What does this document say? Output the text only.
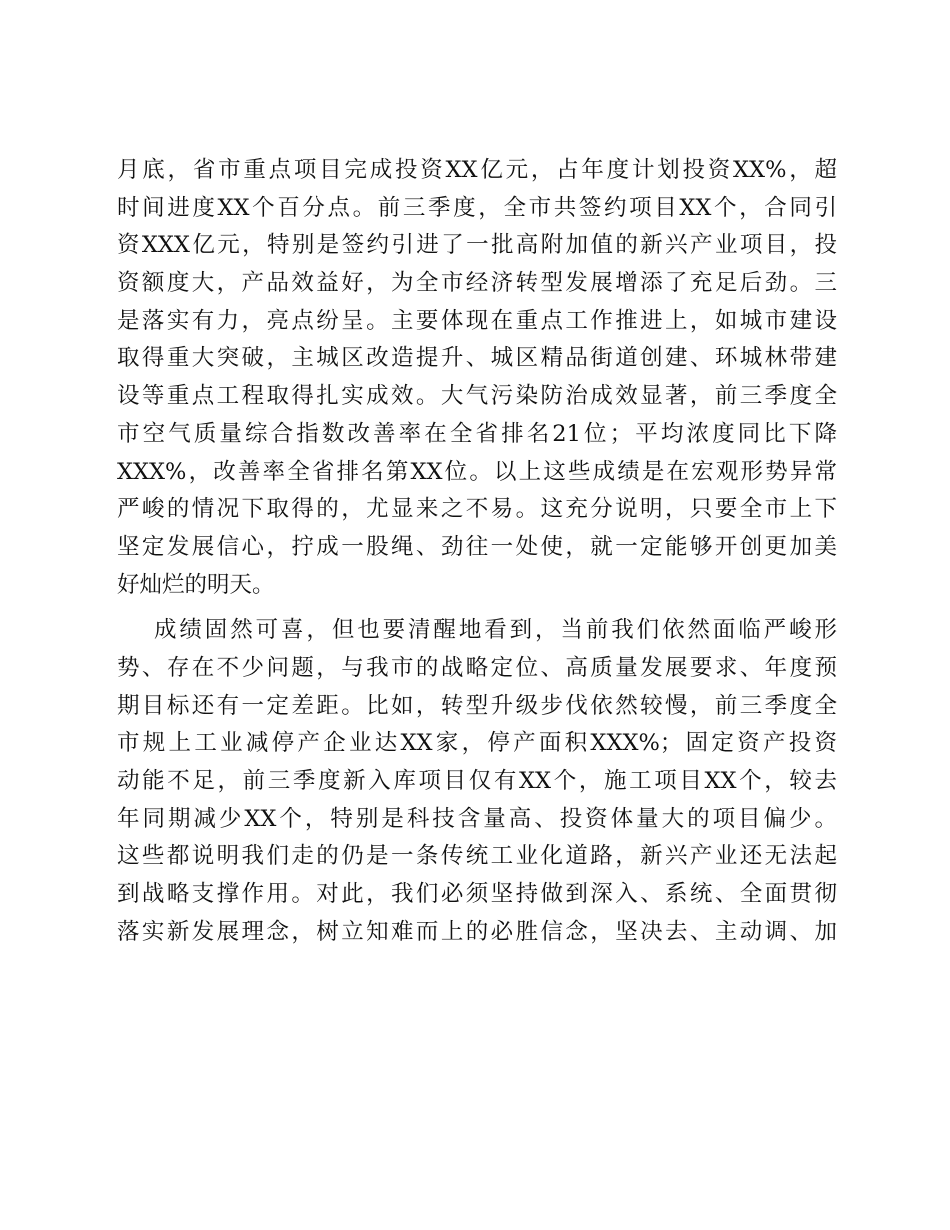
月底，省市重点项目完成投资XX亿元，占年度计划投资XX%，超
时间进度XX个百分点。前三季度，全市共签约项目XX个，合同引
资XXX亿元，特别是签约引进了一批高附加值的新兴产业项目，投
资额度大，产品效益好，为全市经济转型发展增添了充足后劲。三
是落实有力，亮点纷呈。主要体现在重点工作推进上，如城市建设
取得重大突破，主城区改造提升、城区精品街道创建、环城林带建
设等重点工程取得扎实成效。大气污染防治成效显著，前三季度全
市空气质量综合指数改善率在全省排名21位；平均浓度同比下降
XXX%，改善率全省排名第XX位。以上这些成绩是在宏观形势异常
严峻的情况下取得的，尤显来之不易。这充分说明，只要全市上下
坚定发展信心，拧成一股绳、劲往一处使，就一定能够开创更加美
好灿烂的明天。
成绩固然可喜，但也要清醒地看到，当前我们依然面临严峻形
势、存在不少问题，与我市的战略定位、高质量发展要求、年度预
期目标还有一定差距。比如，转型升级步伐依然较慢，前三季度全
市规上工业减停产企业达XX家，停产面积XXX%；固定资产投资
动能不足，前三季度新入库项目仅有XX个，施工项目XX个，较去
年同期减少XX个，特别是科技含量高、投资体量大的项目偏少。
这些都说明我们走的仍是一条传统工业化道路，新兴产业还无法起
到战略支撑作用。对此，我们必须坚持做到深入、系统、全面贯彻
落实新发展理念，树立知难而上的必胜信念，坚决去、主动调、加
